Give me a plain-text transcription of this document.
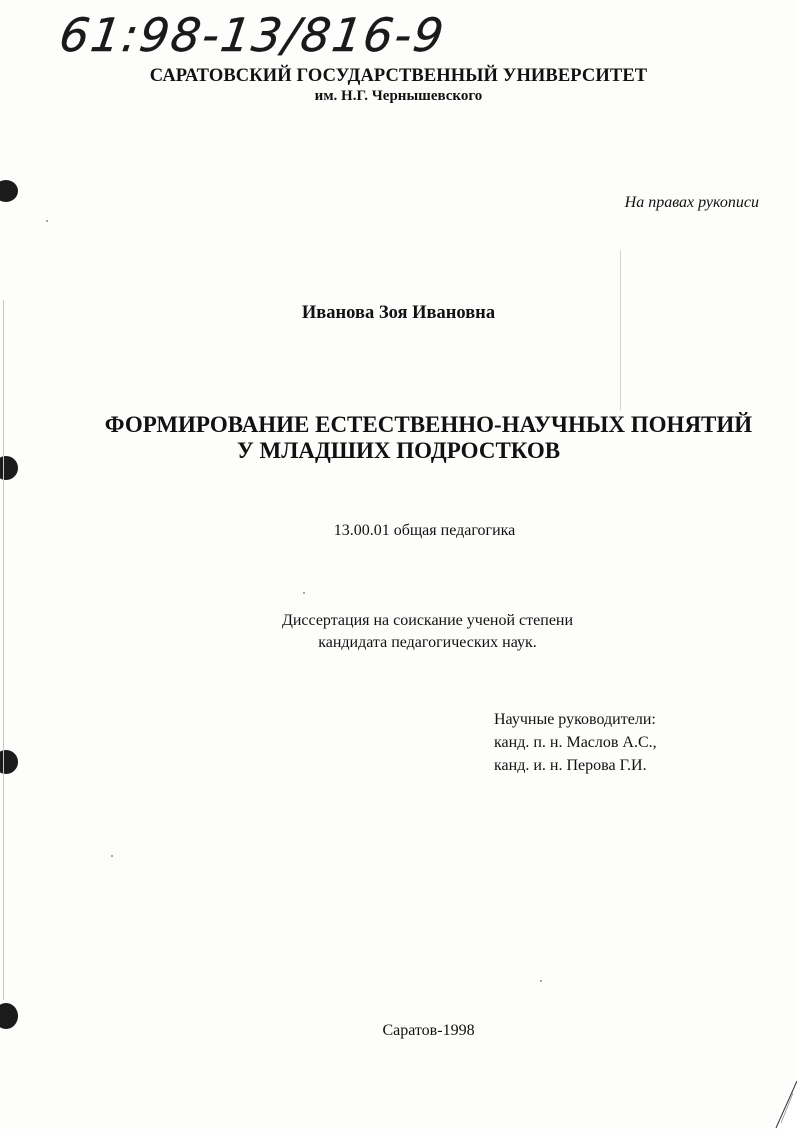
61:98-13/816-9
САРАТОВСКИЙ ГОСУДАРСТВЕННЫЙ УНИВЕРСИТЕТ
им. Н.Г. Чернышевского
На правах рукописи
Иванова Зоя Ивановна
ФОРМИРОВАНИЕ ЕСТЕСТВЕННО-НАУЧНЫХ ПОНЯТИЙ
У МЛАДШИХ ПОДРОСТКОВ
13.00.01 общая педагогика
Диссертация на соискание ученой степени
кандидата педагогических наук.
Научные руководители:
канд. п. н. Маслов А.С.,
канд. и. н. Перова Г.И.
Саратов-1998
